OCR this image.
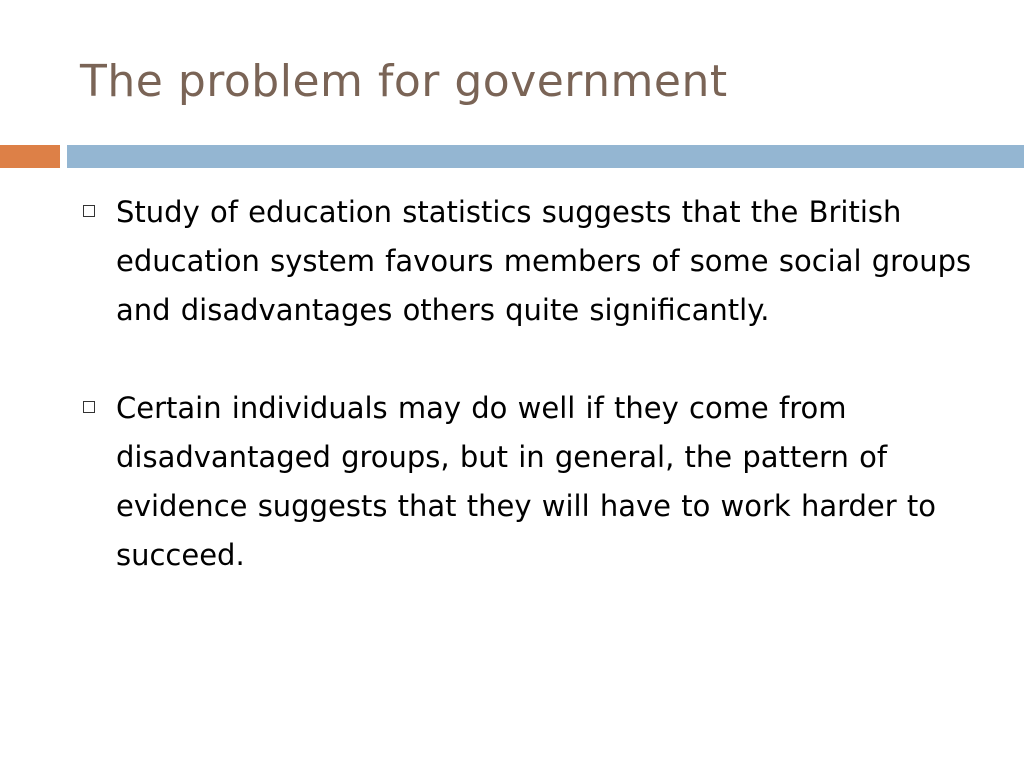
The problem for government
Study of education statistics suggests that the British education system favours members of some social groups and disadvantages others quite significantly.
Certain individuals may do well if they come from disadvantaged groups, but in general, the pattern of evidence suggests that they will have to work harder to succeed.
